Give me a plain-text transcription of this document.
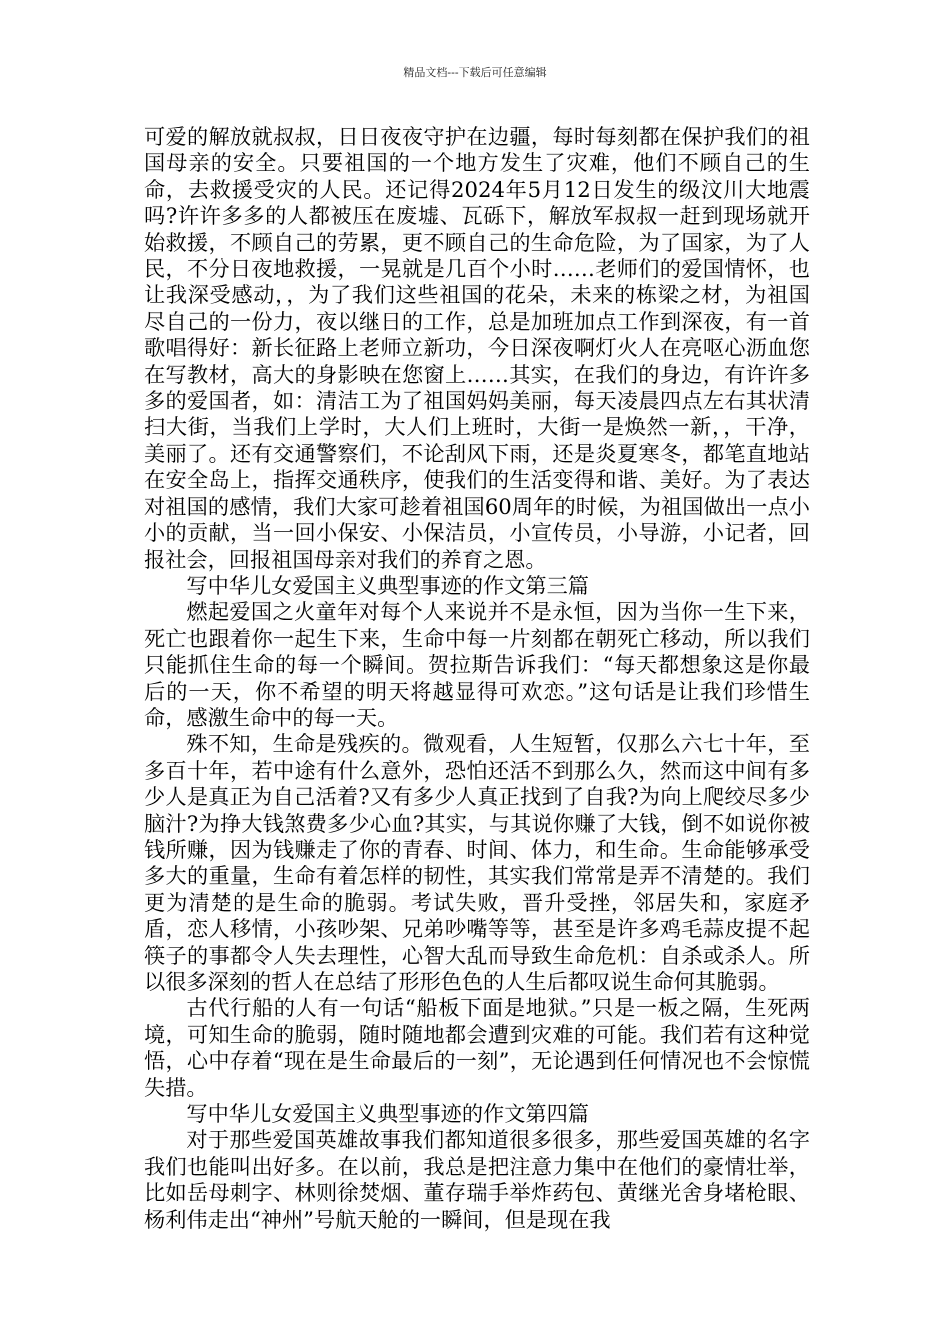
精品文档---下载后可任意编辑

可爱的解放就叔叔，日日夜夜守护在边疆，每时每刻都在保护我们的祖国母亲的安全。只要祖国的一个地方发生了灾难，他们不顾自己的生命，去救援受灾的人民。还记得2024年5月12日发生的级汶川大地震吗?许许多多的人都被压在废墟、瓦砾下，解放军叔叔一赶到现场就开始救援，不顾自己的劳累，更不顾自己的生命危险，为了国家，为了人民，不分日夜地救援，一晃就是几百个小时……老师们的爱国情怀，也让我深受感动，，为了我们这些祖国的花朵，未来的栋梁之材，为祖国尽自己的一份力，夜以继日的工作，总是加班加点工作到深夜，有一首歌唱得好：新长征路上老师立新功，今日深夜啊灯火人在亮呕心沥血您在写教材，高大的身影映在您窗上……其实，在我们的身边，有许许多多的爱国者，如：清洁工为了祖国妈妈美丽，每天凌晨四点左右其状清扫大街，当我们上学时，大人们上班时，大街一是焕然一新，，干净，美丽了。还有交通警察们，不论刮风下雨，还是炎夏寒冬，都笔直地站在安全岛上，指挥交通秩序，使我们的生活变得和谐、美好。为了表达对祖国的感情，我们大家可趁着祖国60周年的时候，为祖国做出一点小小的贡献，当一回小保安、小保洁员，小宣传员，小导游，小记者，回报社会，回报祖国母亲对我们的养育之恩。

写中华儿女爱国主义典型事迹的作文第三篇

燃起爱国之火童年对每个人来说并不是永恒，因为当你一生下来，死亡也跟着你一起生下来，生命中每一片刻都在朝死亡移动，所以我们只能抓住生命的每一个瞬间。贺拉斯告诉我们：“每天都想象这是你最后的一天，你不希望的明天将越显得可欢恋。”这句话是让我们珍惜生命，感激生命中的每一天。

殊不知，生命是残疾的。微观看，人生短暂，仅那么六七十年，至多百十年，若中途有什么意外，恐怕还活不到那么久，然而这中间有多少人是真正为自己活着?又有多少人真正找到了自我?为向上爬绞尽多少脑汁?为挣大钱煞费多少心血?其实，与其说你赚了大钱，倒不如说你被钱所赚，因为钱赚走了你的青春、时间、体力，和生命。生命能够承受多大的重量，生命有着怎样的韧性，其实我们常常是弄不清楚的。我们更为清楚的是生命的脆弱。考试失败，晋升受挫，邻居失和，家庭矛盾，恋人移情，小孩吵架、兄弟吵嘴等等，甚至是许多鸡毛蒜皮提不起筷子的事都令人失去理性，心智大乱而导致生命危机：自杀或杀人。所以很多深刻的哲人在总结了形形色色的人生后都叹说生命何其脆弱。

古代行船的人有一句话“船板下面是地狱。”只是一板之隔，生死两境，可知生命的脆弱，随时随地都会遭到灾难的可能。我们若有这种觉悟，心中存着“现在是生命最后的一刻”，无论遇到任何情况也不会惊慌失措。

写中华儿女爱国主义典型事迹的作文第四篇

对于那些爱国英雄故事我们都知道很多很多，那些爱国英雄的名字我们也能叫出好多。在以前，我总是把注意力集中在他们的豪情壮举，比如岳母刺字、林则徐焚烟、董存瑞手举炸药包、黄继光舍身堵枪眼、杨利伟走出“神州”号航天舱的一瞬间，但是现在我
